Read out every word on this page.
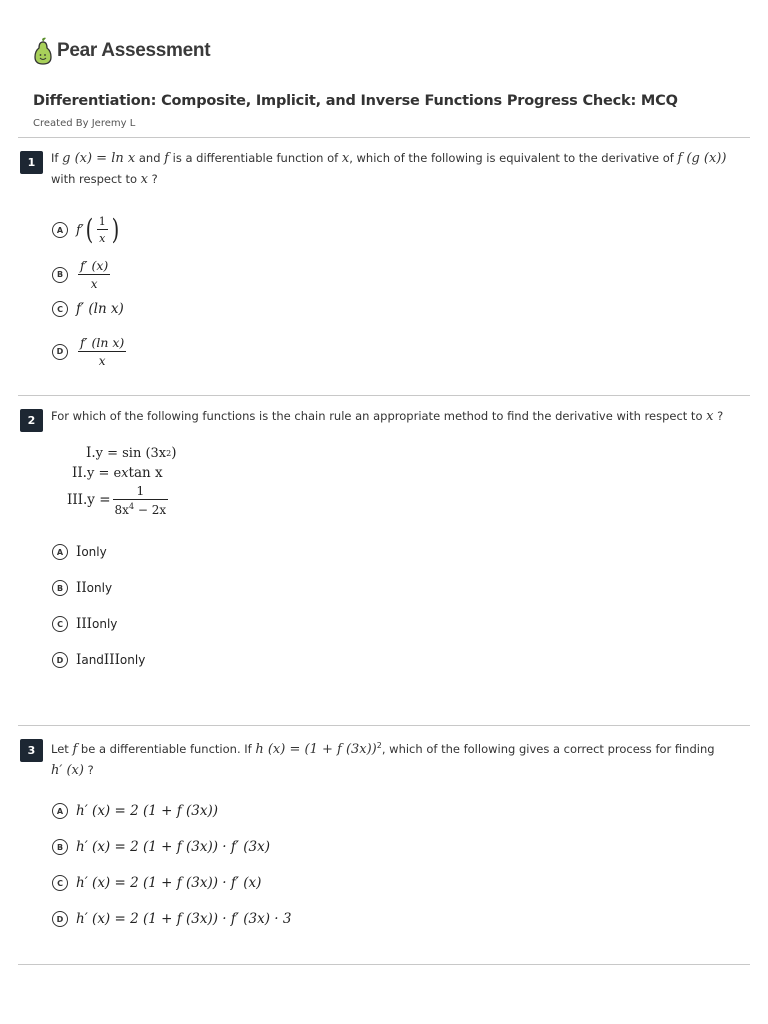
Pear Assessment
Differentiation: Composite, Implicit, and Inverse Functions Progress Check: MCQ
Created By Jeremy L
1	If g (x) = ln x and f is a differentiable function of x, which of the following is equivalent to the derivative of f (g (x))
with respect to x ?
A f′ ( $\frac{1}{x}$ )
B	$\frac{f' (x)}{x}$
C f′ (ln x)
D	$\frac{\text{f′ (ln x)}}{x}$
2	For which of the following functions is the chain rule an appropriate method to find the derivative with respect to x ?
I. y = sin (3x 2 )
II. y = e x tan x
III. $y = \frac{1}{8x^4 - 2x}$
A I only
B II only
C III only
D I and III only
3	Let f be a differentiable function. If h (x) = (1 + f (3x))$^2$, which of the following gives a correct process for finding
h′ (x) ?
A h′ (x) = 2 (1 + f (3x))
B h′ (x) = 2 (1 + f (3x)) · f′ (3x)
C h′ (x) = 2 (1 + f (3x)) · f′ (x)
D h′ (x) = 2 (1 + f (3x)) · f′ (3x) · 3
